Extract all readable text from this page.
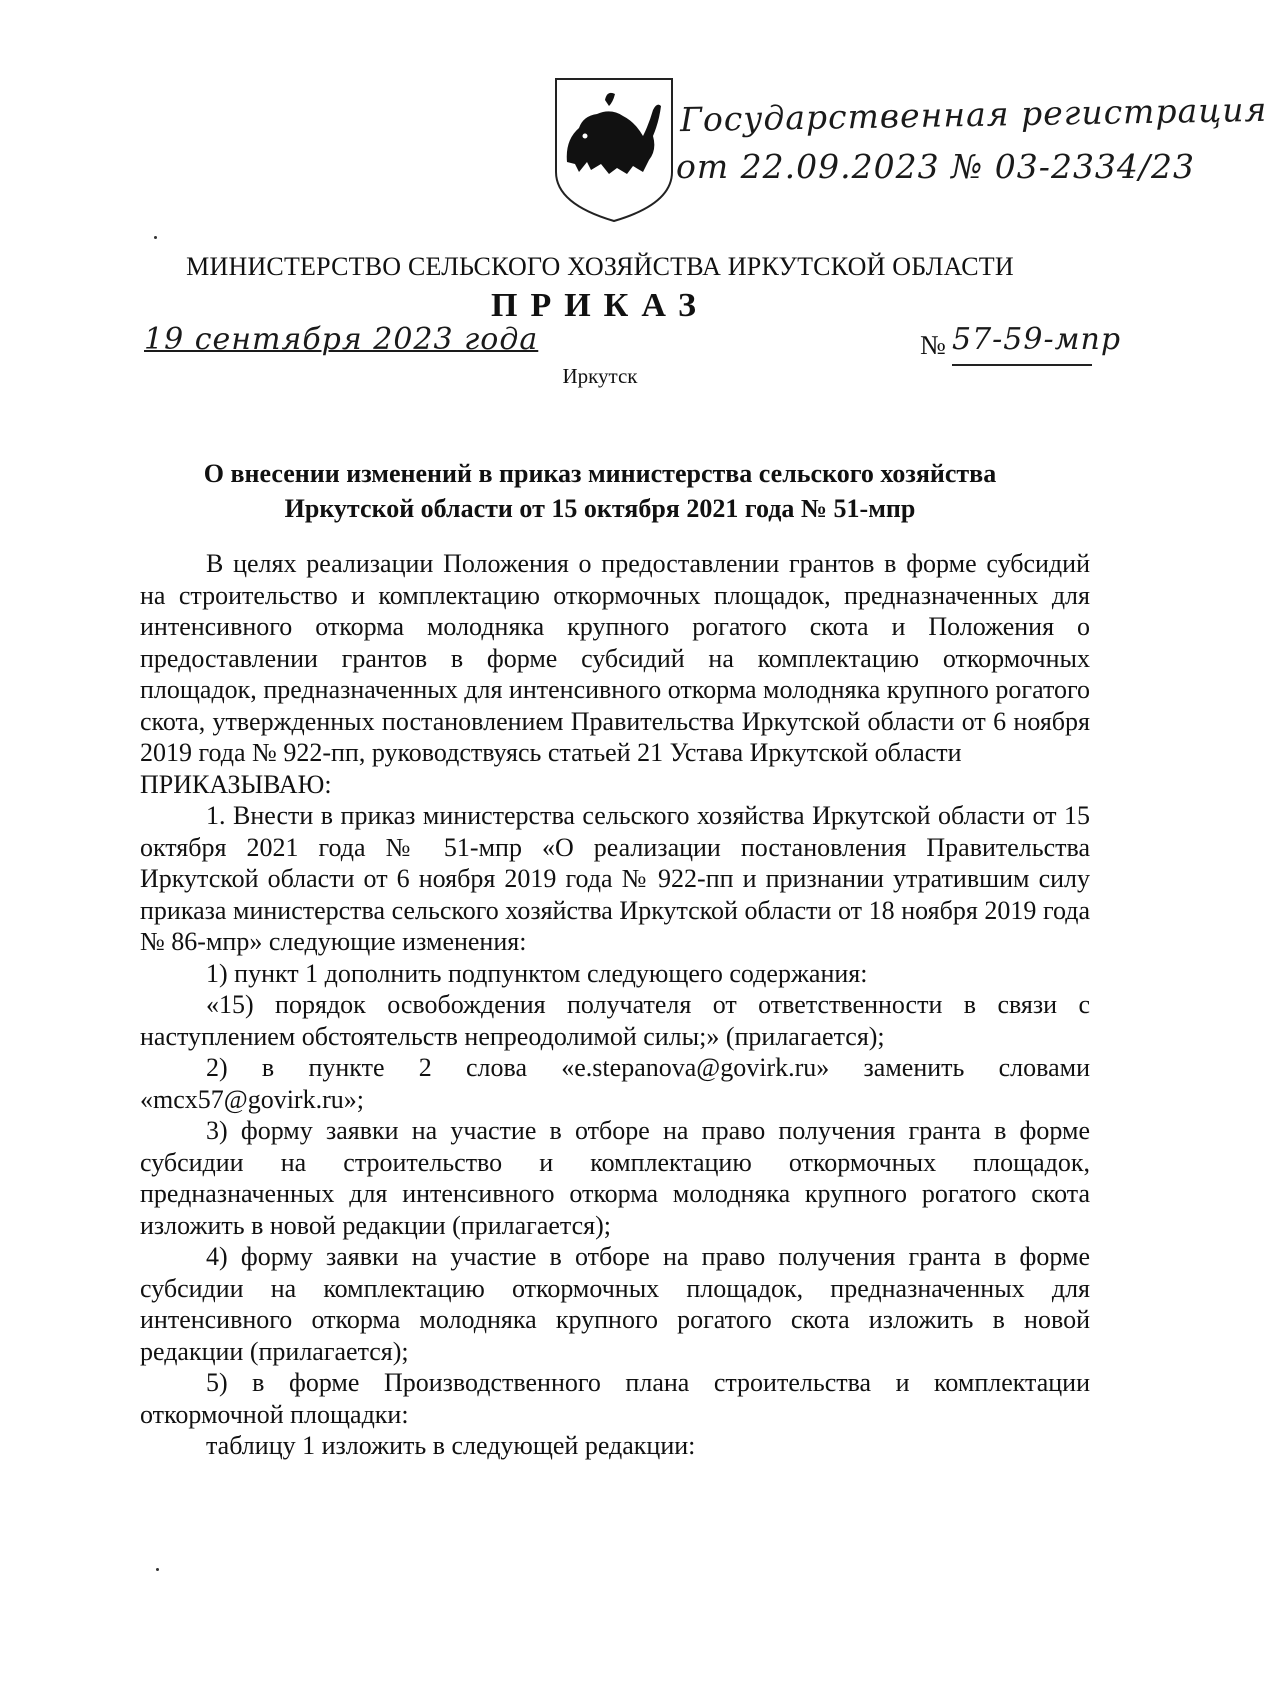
Государственная регистрация
от 22.09.2023 № 03-2334/23
МИНИСТЕРСТВО СЕЛЬСКОГО ХОЗЯЙСТВА ИРКУТСКОЙ ОБЛАСТИ
ПРИКАЗ
19 сентября 2023 года	№ 57-59-мпр
Иркутск
О внесении изменений в приказ министерства сельского хозяйства
Иркутской области от 15 октября 2021 года № 51-мпр

В целях реализации Положения о предоставлении грантов в форме субсидий на строительство и комплектацию откормочных площадок, предназначенных для интенсивного откорма молодняка крупного рогатого скота и Положения о предоставлении грантов в форме субсидий на комплектацию откормочных площадок, предназначенных для интенсивного откорма молодняка крупного рогатого скота, утвержденных постановлением Правительства Иркутской области от 6 ноября 2019 года № 922-пп, руководствуясь статьей 21 Устава Иркутской области

ПРИКАЗЫВАЮ:

1. Внести в приказ министерства сельского хозяйства Иркутской области от 15 октября 2021 года № 51-мпр «О реализации постановления Правительства Иркутской области от 6 ноября 2019 года № 922-пп и признании утратившим силу приказа министерства сельского хозяйства Иркутской области от 18 ноября 2019 года № 86-мпр» следующие изменения:

1) пункт 1 дополнить подпунктом следующего содержания:

«15) порядок освобождения получателя от ответственности в связи с наступлением обстоятельств непреодолимой силы;» (прилагается);

2) в пункте 2 слова «e.stepanova@govirk.ru» заменить словами «mcx57@govirk.ru»;

3) форму заявки на участие в отборе на право получения гранта в форме субсидии на строительство и комплектацию откормочных площадок, предназначенных для интенсивного откорма молодняка крупного рогатого скота изложить в новой редакции (прилагается);

4) форму заявки на участие в отборе на право получения гранта в форме субсидии на комплектацию откормочных площадок, предназначенных для интенсивного откорма молодняка крупного рогатого скота изложить в новой редакции (прилагается);

5) в форме Производственного плана строительства и комплектации откормочной площадки:

таблицу 1 изложить в следующей редакции:
